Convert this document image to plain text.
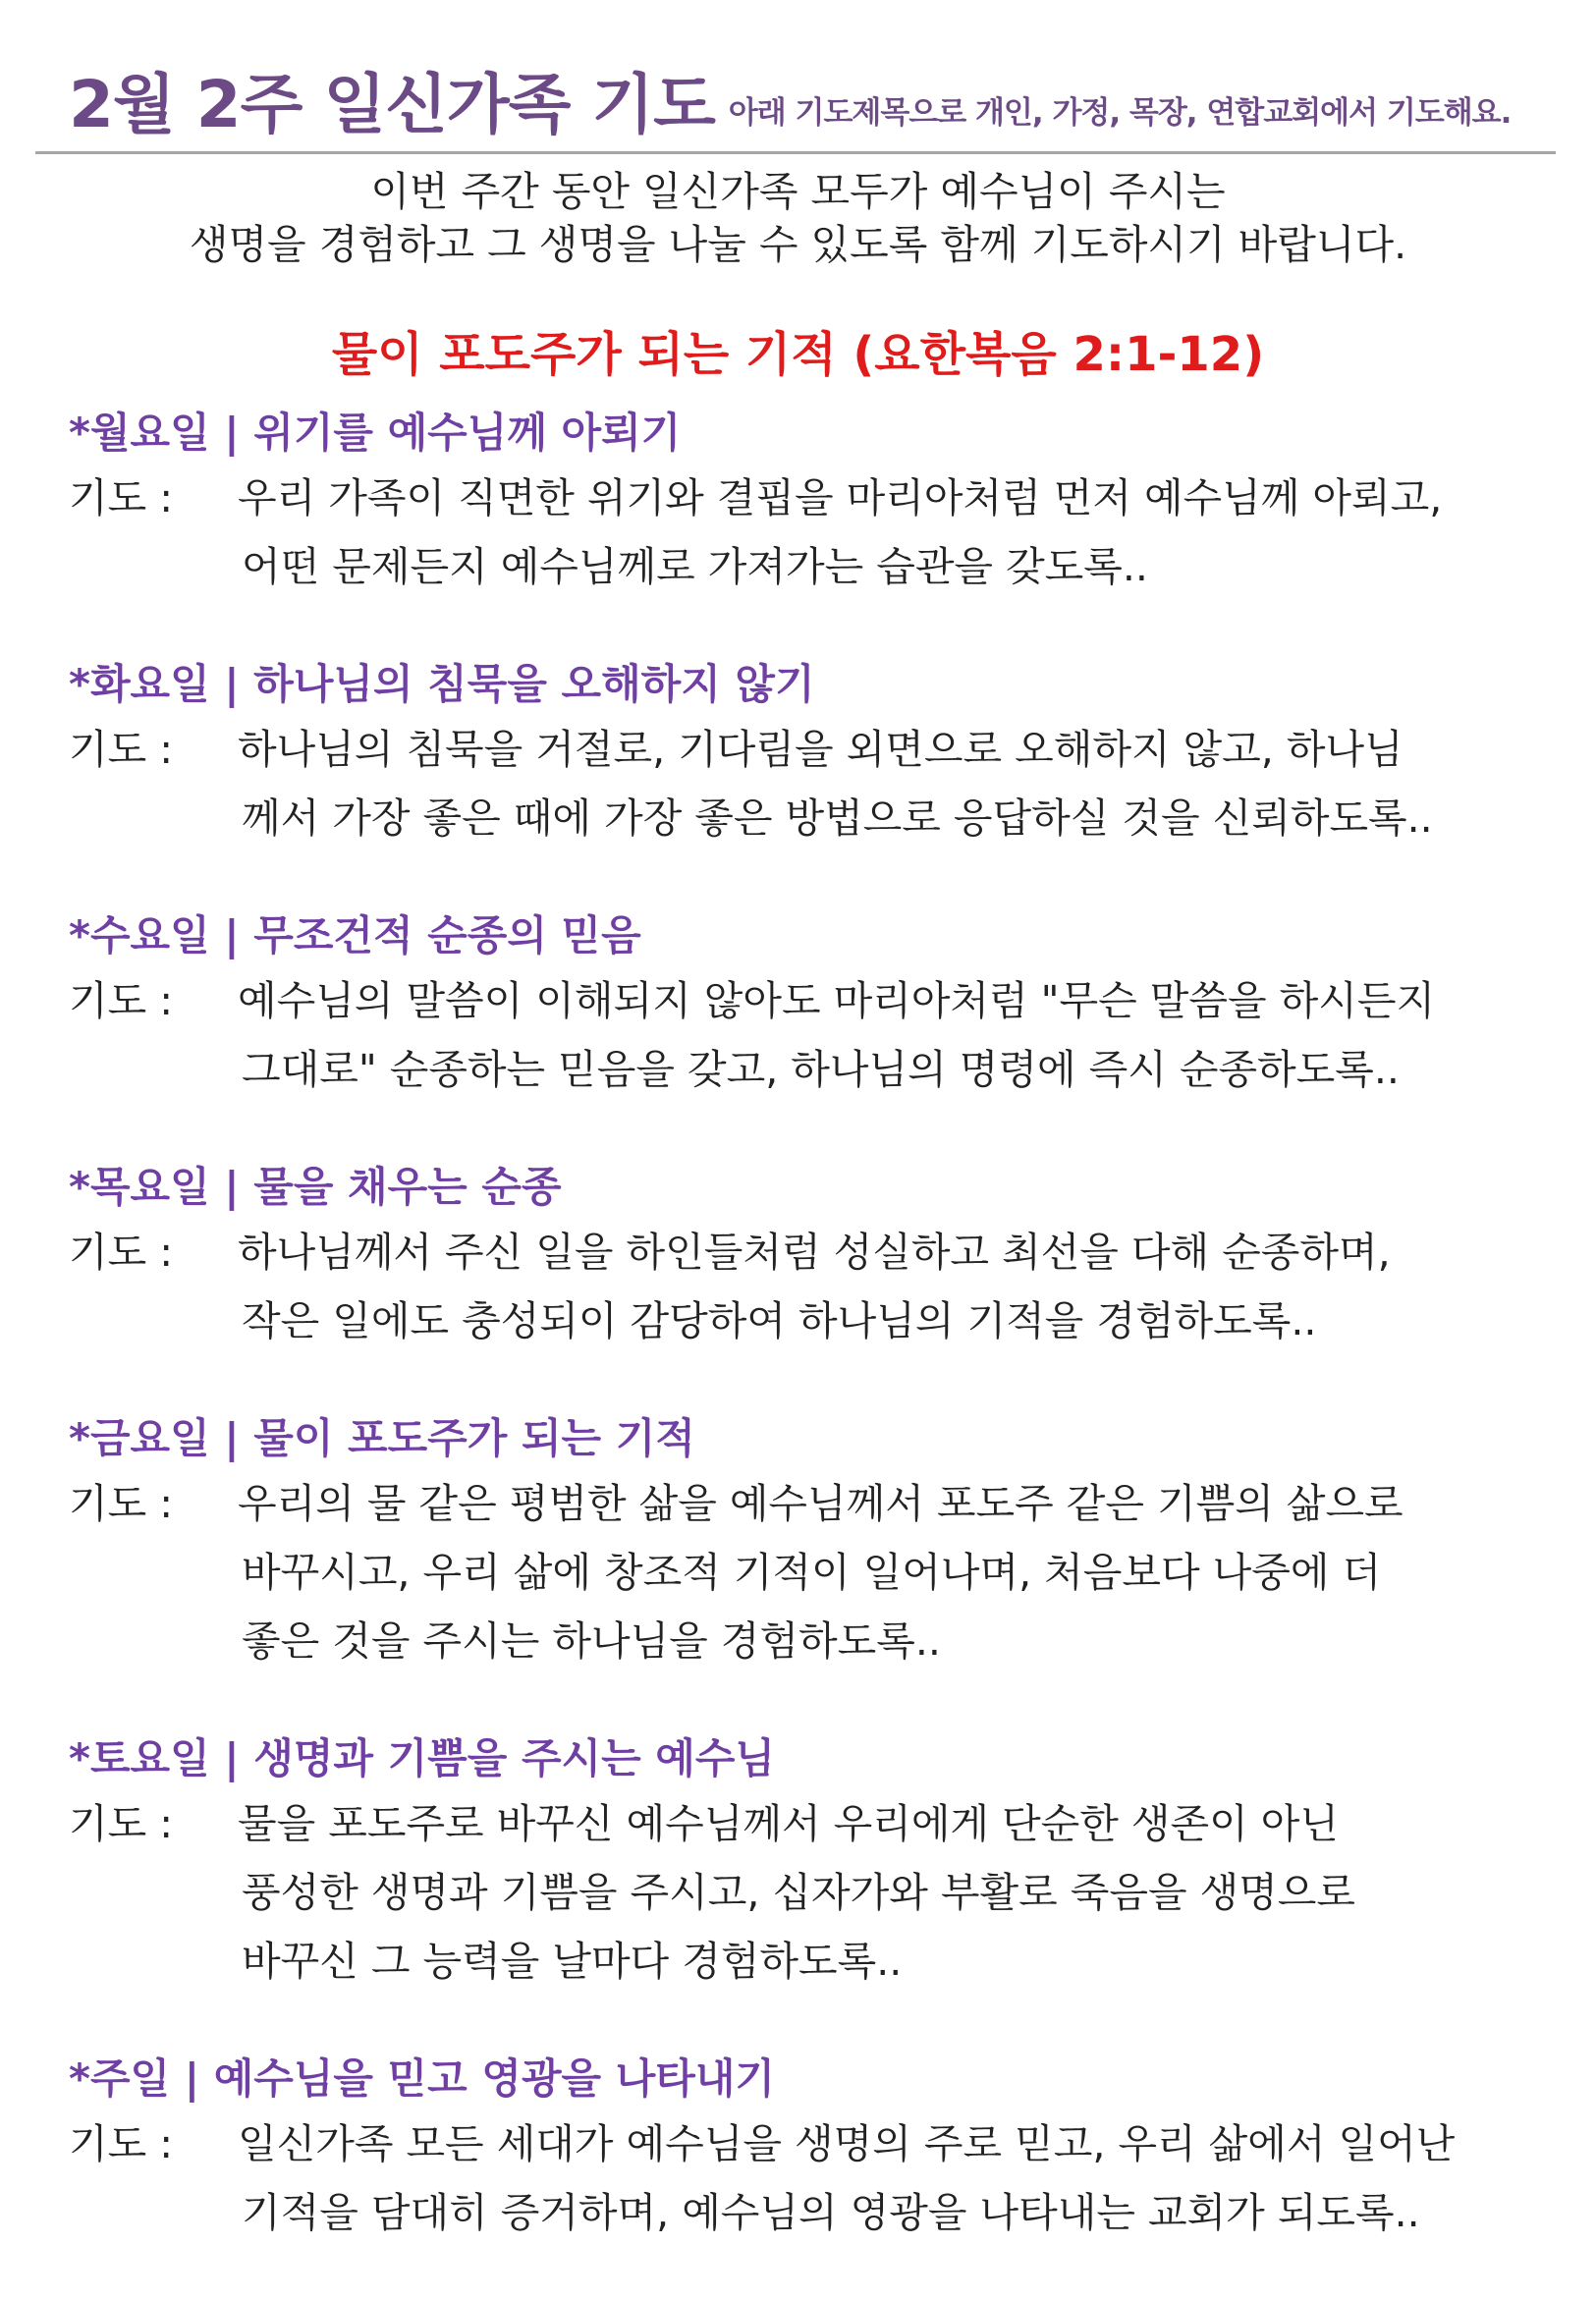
2월 2주 일신가족 기도 아래 기도제목으로 개인, 가정, 목장, 연합교회에서 기도해요.
이번 주간 동안 일신가족 모두가 예수님이 주시는
생명을 경험하고 그 생명을 나눌 수 있도록 함께 기도하시기 바랍니다.
물이 포도주가 되는 기적 (요한복음 2:1-12)
*월요일 | 위기를 예수님께 아뢰기
기도 :	우리 가족이 직면한 위기와 결핍을 마리아처럼 먼저 예수님께 아뢰고,
어떤 문제든지 예수님께로 가져가는 습관을 갖도록..
*화요일 | 하나님의 침묵을 오해하지 않기
기도 :	하나님의 침묵을 거절로, 기다림을 외면으로 오해하지 않고, 하나님
께서 가장 좋은 때에 가장 좋은 방법으로 응답하실 것을 신뢰하도록..
*수요일 | 무조건적 순종의 믿음
기도 :	예수님의 말씀이 이해되지 않아도 마리아처럼 "무슨 말씀을 하시든지
그대로" 순종하는 믿음을 갖고, 하나님의 명령에 즉시 순종하도록..
*목요일 | 물을 채우는 순종
기도 :	하나님께서 주신 일을 하인들처럼 성실하고 최선을 다해 순종하며,
작은 일에도 충성되이 감당하여 하나님의 기적을 경험하도록..
*금요일 | 물이 포도주가 되는 기적
기도 :	우리의 물 같은 평범한 삶을 예수님께서 포도주 같은 기쁨의 삶으로
바꾸시고, 우리 삶에 창조적 기적이 일어나며, 처음보다 나중에 더
좋은 것을 주시는 하나님을 경험하도록..
*토요일 | 생명과 기쁨을 주시는 예수님
기도 :	물을 포도주로 바꾸신 예수님께서 우리에게 단순한 생존이 아닌
풍성한 생명과 기쁨을 주시고, 십자가와 부활로 죽음을 생명으로
바꾸신 그 능력을 날마다 경험하도록..
*주일 | 예수님을 믿고 영광을 나타내기
기도 :	일신가족 모든 세대가 예수님을 생명의 주로 믿고, 우리 삶에서 일어난
기적을 담대히 증거하며, 예수님의 영광을 나타내는 교회가 되도록..
